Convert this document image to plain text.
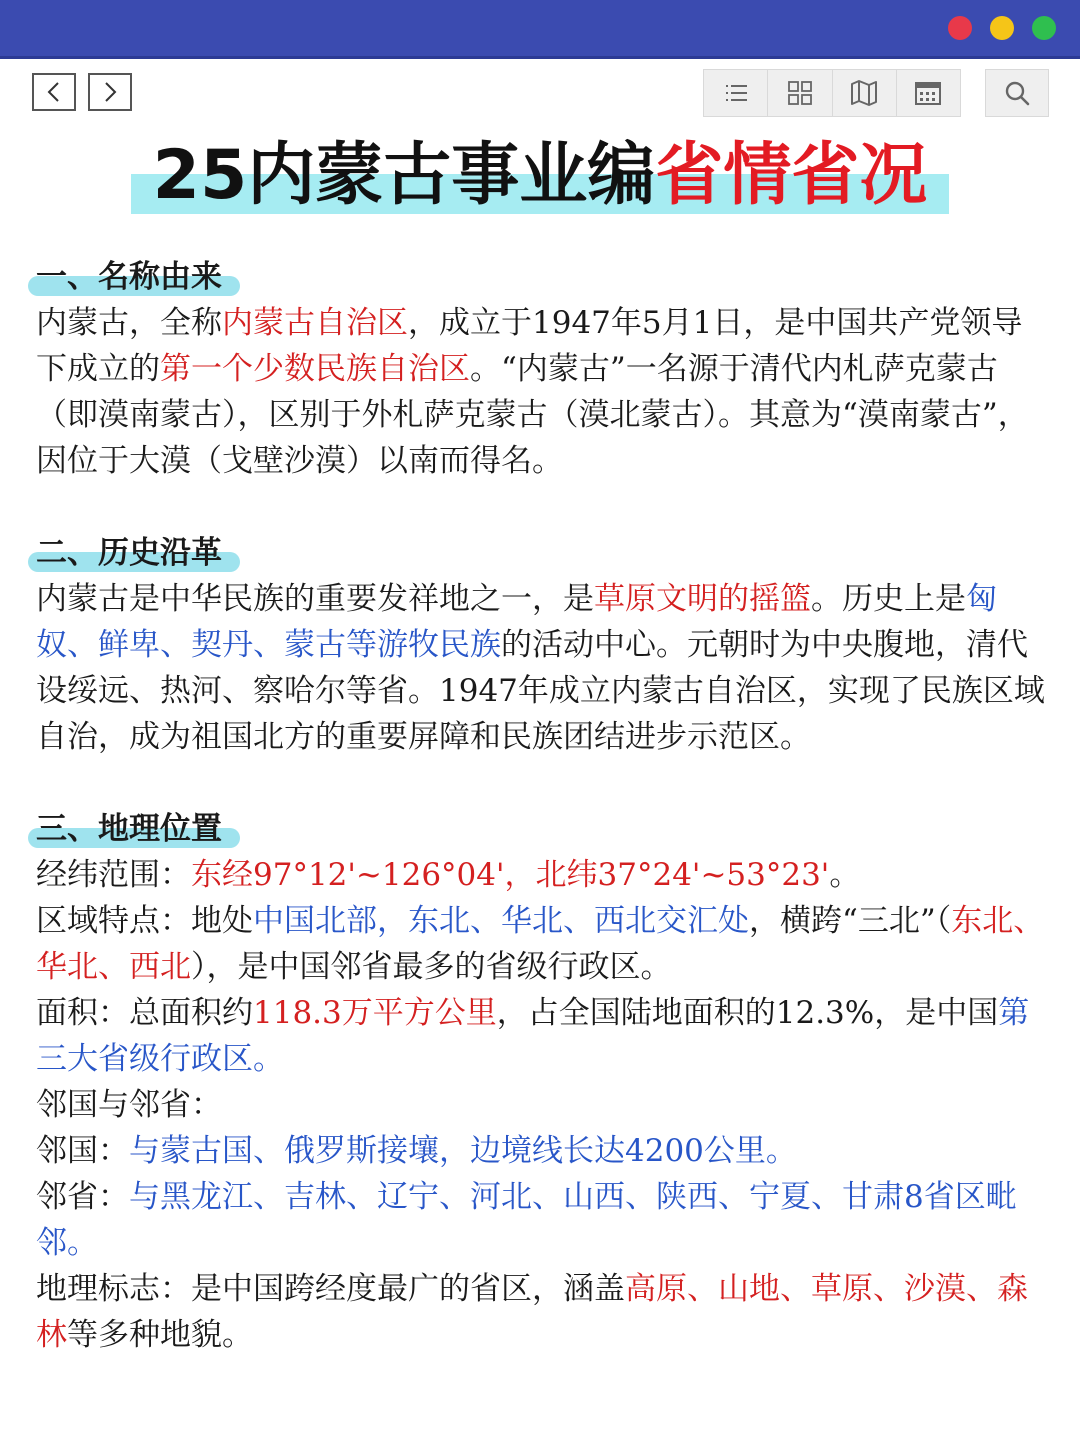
25内蒙古事业编省情省况
一、名称由来

内蒙古，全称内蒙古自治区，成立于1947年5月1日，是中国共产党领导下成立的第一个少数民族自治区。“内蒙古”一名源于清代内札萨克蒙古（即漠南蒙古），区别于外札萨克蒙古（漠北蒙古）。其意为“漠南蒙古”，因位于大漠（戈壁沙漠）以南而得名。

二、历史沿革

内蒙古是中华民族的重要发祥地之一，是草原文明的摇篮。历史上是匈奴、鲜卑、契丹、蒙古等游牧民族的活动中心。元朝时为中央腹地，清代设绥远、热河、察哈尔等省。1947年成立内蒙古自治区，实现了民族区域自治，成为祖国北方的重要屏障和民族团结进步示范区。

三、地理位置

经纬范围：东经97°12'~126°04'，北纬37°24'~53°23'。

区域特点：地处中国北部，东北、华北、西北交汇处，横跨“三北”（东北、华北、西北），是中国邻省最多的省级行政区。

面积：总面积约118.3万平方公里，占全国陆地面积的12.3%，是中国第三大省级行政区。

邻国与邻省：

邻国：与蒙古国、俄罗斯接壤，边境线长达4200公里。

邻省：与黑龙江、吉林、辽宁、河北、山西、陕西、宁夏、甘肃8省区毗邻。

地理标志：是中国跨经度最广的省区，涵盖高原、山地、草原、沙漠、森林等多种地貌。
